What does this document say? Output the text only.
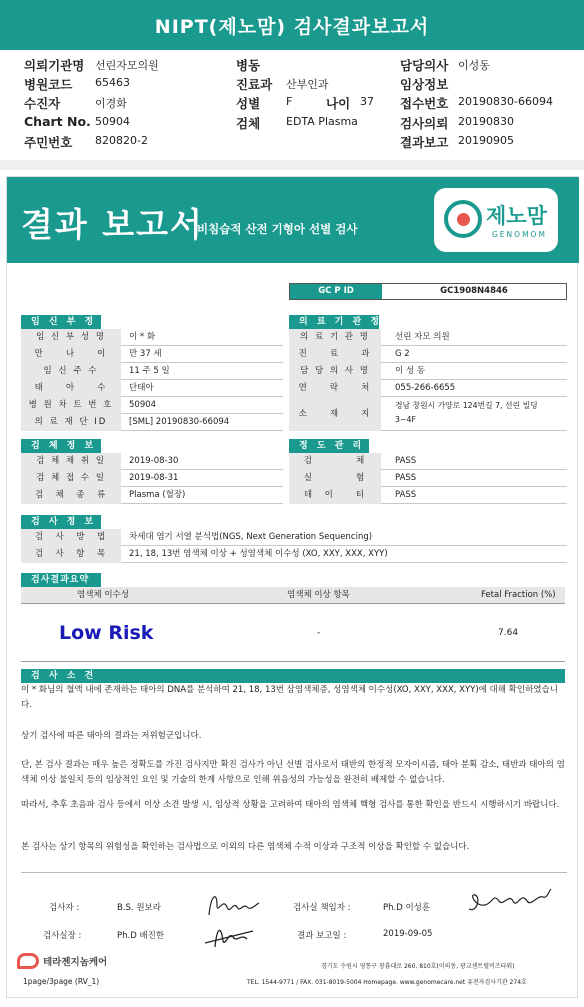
NIPT(제노맘) 검사결과보고서
의뢰기관명 선린자모의원
병원코드 65463
수진자	이경화
Chart No. 50904
주민번호 820820-2
병동
진료과 산부인과
성별 F	나이 37
검체 EDTA Plasma
담당의사 이성동
임상정보
접수번호 20190830-66094
검사의뢰 20190830
결과보고 20190905
결과 보고서
비침습적 산전 기형아 선별 검사
제노맘
GENOMOM
GC P ID	GC1908N4846
임 신 부 정 보
임 신 부 성 명	이 * 화
만　　나　　이	만 37 세
임 신 주 수	11 주 5 일
태　　아　　수	단태아
병 원 차 트 번 호	50904
의 료 재 단 ID	[SML] 20190830-66094
의 료 기 관 정 보
의 료 기 관 명	선린 자모 의원
진　　료　　과	G 2
담 당 의 사 명	이 성 동
연　　락　　처	055-266-6655
소　　재　　지
경남 창원시 가양로 124번길 7, 선린 빌딩
3~4F
검 체 정 보
검 체 채 취 일	2019-08-30
검 체 접 수 일	2019-08-31
검　체　종　류	Plasma (혈장)
정 도 관 리
검　　　　체	PASS
실　　　　험	PASS
데　이　　터	PASS
검 사 정 보
검　사　방　법	차세대 염기 서열 분석법(NGS, Next Generation Sequencing)
검　사　항　목	21, 18, 13번 염색체 이상 + 성염색체 이수성 (XO, XXY, XXX, XYY)
검사결과요약
염색체 이수성	염색체 이상 항목	Fetal Fraction (%)
Low Risk	-	7.64
검 사 소 견
이 * 화님의 혈액 내에 존재하는 태아의 DNA를 분석하여 21, 18, 13번 삼염색체증, 성염색체 이수성(XO, XXY, XXX, XYY)에 대해 확인하였습니다.
상기 검사에 따른 태아의 결과는 저위험군입니다.
단, 본 검사 결과는 매우 높은 정확도를 가진 검사지만 확진 검사가 아닌 선별 검사로서 태반의 한정적 모자이시즘, 태아 분획 감소, 태반과 태아의 염색체 이상 불일치 등의 임상적인 요인 및 기술의 한계 사항으로 인해 위음성의 가능성을 완전히 배제할 수 없습니다.
따라서, 추후 초음파 검사 등에서 이상 소견 발생 시, 임상적 상황을 고려하여 태아의 염색체 핵형 검사를 통한 확인을 반드시 시행하시기 바랍니다.
본 검사는 상기 항목의 위험성을 확인하는 검사법으로 이외의 다른 염색체 수적 이상과 구조적 이상을 확인할 수 없습니다.
검사자 :	B.S. 원보라	검사실 책임자 :	Ph.D 이성훈
검사실장 :	Ph.D 배진한	결과 보고일 :	2019-09-05
테라젠지놈케어
1page/3page (RV_1)
경기도 수원시 영통구 창룡대로 260, 810호(이의동, 광교센트럴비즈타워)
TEL. 1544-9771 / FAX. 031-8019-5004 Homepage. www.genomecare.net 유전자검사기관 274호
